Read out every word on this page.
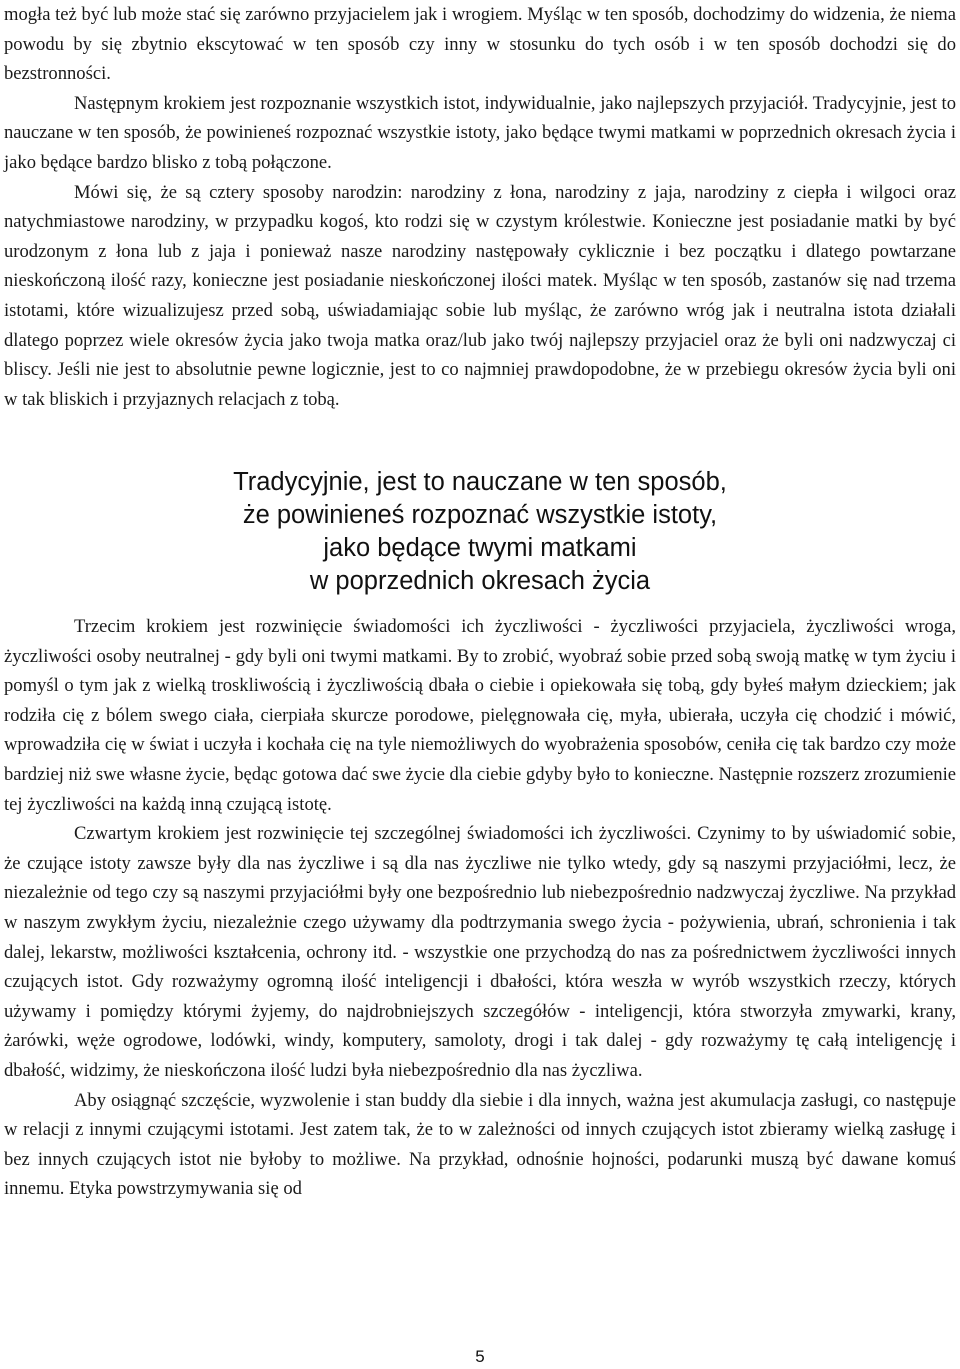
mogła też być lub może stać się zarówno przyjacielem jak i wrogiem. Myśląc w ten sposób, dochodzimy do widzenia, że niema powodu by się zbytnio ekscytować w ten sposób czy inny w stosunku do tych osób i w ten sposób dochodzi się do bezstronności.

Następnym krokiem jest rozpoznanie wszystkich istot, indywidualnie, jako najlepszych przyjaciół. Tradycyjnie, jest to nauczane w ten sposób, że powinieneś rozpoznać wszystkie istoty, jako będące twymi matkami w poprzednich okresach życia i jako będące bardzo blisko z tobą połączone.

Mówi się, że są cztery sposoby narodzin: narodziny z łona, narodziny z jaja, narodziny z ciepła i wilgoci oraz natychmiastowe narodziny, w przypadku kogoś, kto rodzi się w czystym królestwie. Konieczne jest posiadanie matki by być urodzonym z łona lub z jaja i ponieważ nasze narodziny następowały cyklicznie i bez początku i dlatego powtarzane nieskończoną ilość razy, konieczne jest posiadanie nieskończonej ilości matek. Myśląc w ten sposób, zastanów się nad trzema istotami, które wizualizujesz przed sobą, uświadamiając sobie lub myśląc, że zarówno wróg jak i neutralna istota działali dlatego poprzez wiele okresów życia jako twoja matka oraz/lub jako twój najlepszy przyjaciel oraz że byli oni nadzwyczaj ci bliscy. Jeśli nie jest to absolutnie pewne logicznie, jest to co najmniej prawdopodobne, że w przebiegu okresów życia byli oni w tak bliskich i przyjaznych relacjach z tobą.

Tradycyjnie, jest to nauczane w ten sposób,
że powinieneś rozpoznać wszystkie istoty,
jako będące twymi matkami
w poprzednich okresach życia

Trzecim krokiem jest rozwinięcie świadomości ich życzliwości - życzliwości przyjaciela, życzliwości wroga, życzliwości osoby neutralnej - gdy byli oni twymi matkami. By to zrobić, wyobraź sobie przed sobą swoją matkę w tym życiu i pomyśl o tym jak z wielką troskliwością i życzliwością dbała o ciebie i opiekowała się tobą, gdy byłeś małym dzieckiem; jak rodziła cię z bólem swego ciała, cierpiała skurcze porodowe, pielęgnowała cię, myła, ubierała, uczyła cię chodzić i mówić, wprowadziła cię w świat i uczyła i kochała cię na tyle niemożliwych do wyobrażenia sposobów, ceniła cię tak bardzo czy może bardziej niż swe własne życie, będąc gotowa dać swe życie dla ciebie gdyby było to konieczne. Następnie rozszerz zrozumienie tej życzliwości na każdą inną czującą istotę.

Czwartym krokiem jest rozwinięcie tej szczególnej świadomości ich życzliwości. Czynimy to by uświadomić sobie, że czujące istoty zawsze były dla nas życzliwe i są dla nas życzliwe nie tylko wtedy, gdy są naszymi przyjaciółmi, lecz, że niezależnie od tego czy są naszymi przyjaciółmi były one bezpośrednio lub niebezpośrednio nadzwyczaj życzliwe. Na przykład w naszym zwykłym życiu, niezależnie czego używamy dla podtrzymania swego życia - pożywienia, ubrań, schronienia i tak dalej, lekarstw, możliwości kształcenia, ochrony itd. - wszystkie one przychodzą do nas za pośrednictwem życzliwości innych czujących istot. Gdy rozważymy ogromną ilość inteligencji i dbałości, która weszła w wyrób wszystkich rzeczy, których używamy i pomiędzy którymi żyjemy, do najdrobniejszych szczegółów - inteligencji, która stworzyła zmywarki, krany, żarówki, węże ogrodowe, lodówki, windy, komputery, samoloty, drogi i tak dalej - gdy rozważymy tę całą inteligencję i dbałość, widzimy, że nieskończona ilość ludzi była niebezpośrednio dla nas życzliwa.

Aby osiągnąć szczęście, wyzwolenie i stan buddy dla siebie i dla innych, ważna jest akumulacja zasługi, co następuje w relacji z innymi czującymi istotami. Jest zatem tak, że to w zależności od innych czujących istot zbieramy wielką zasługę i bez innych czujących istot nie byłoby to możliwe. Na przykład, odnośnie hojności, podarunki muszą być dawane komuś innemu. Etyka powstrzymywania się od

5
